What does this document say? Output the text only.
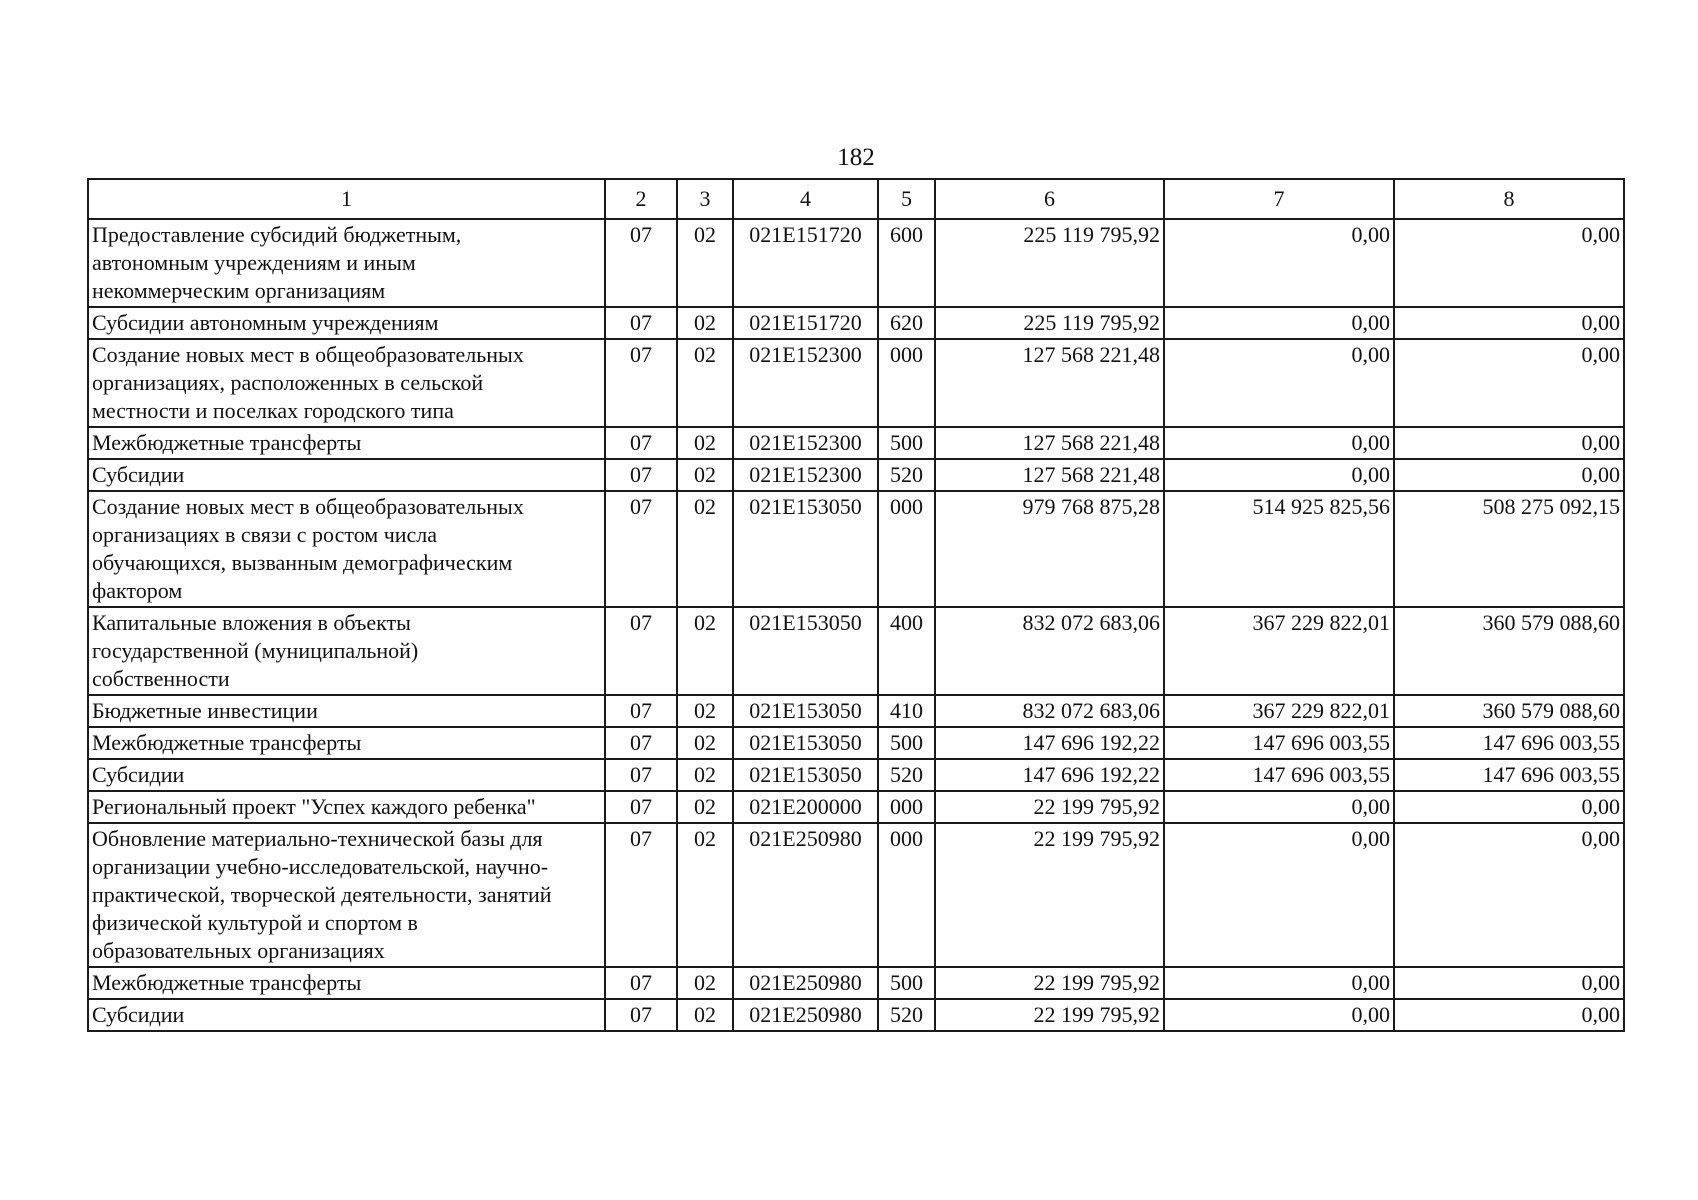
182
1	2	3	4	5	6	7	8
Предоставление субсидий бюджетным,
автономным учреждениям и иным
некоммерческим организациям	07	02	021E151720	600	225 119 795,92	0,00	0,00
Субсидии автономным учреждениям	07	02	021E151720	620	225 119 795,92	0,00	0,00
Создание новых мест в общеобразовательных
организациях, расположенных в сельской
местности и поселках городского типа	07	02	021E152300	000	127 568 221,48	0,00	0,00
Межбюджетные трансферты	07	02	021E152300	500	127 568 221,48	0,00	0,00
Субсидии	07	02	021E152300	520	127 568 221,48	0,00	0,00
Создание новых мест в общеобразовательных
организациях в связи с ростом числа
обучающихся, вызванным демографическим
фактором	07	02	021E153050	000	979 768 875,28	514 925 825,56	508 275 092,15
Капитальные вложения в объекты
государственной (муниципальной)
собственности	07	02	021E153050	400	832 072 683,06	367 229 822,01	360 579 088,60
Бюджетные инвестиции	07	02	021E153050	410	832 072 683,06	367 229 822,01	360 579 088,60
Межбюджетные трансферты	07	02	021E153050	500	147 696 192,22	147 696 003,55	147 696 003,55
Субсидии	07	02	021E153050	520	147 696 192,22	147 696 003,55	147 696 003,55
Региональный проект "Успех каждого ребенка"	07	02	021E200000	000	22 199 795,92	0,00	0,00
Обновление материально-технической базы для
организации учебно-исследовательской, научно-
практической, творческой деятельности, занятий
физической культурой и спортом в
образовательных организациях	07	02	021E250980	000	22 199 795,92	0,00	0,00
Межбюджетные трансферты	07	02	021E250980	500	22 199 795,92	0,00	0,00
Субсидии	07	02	021E250980	520	22 199 795,92	0,00	0,00
